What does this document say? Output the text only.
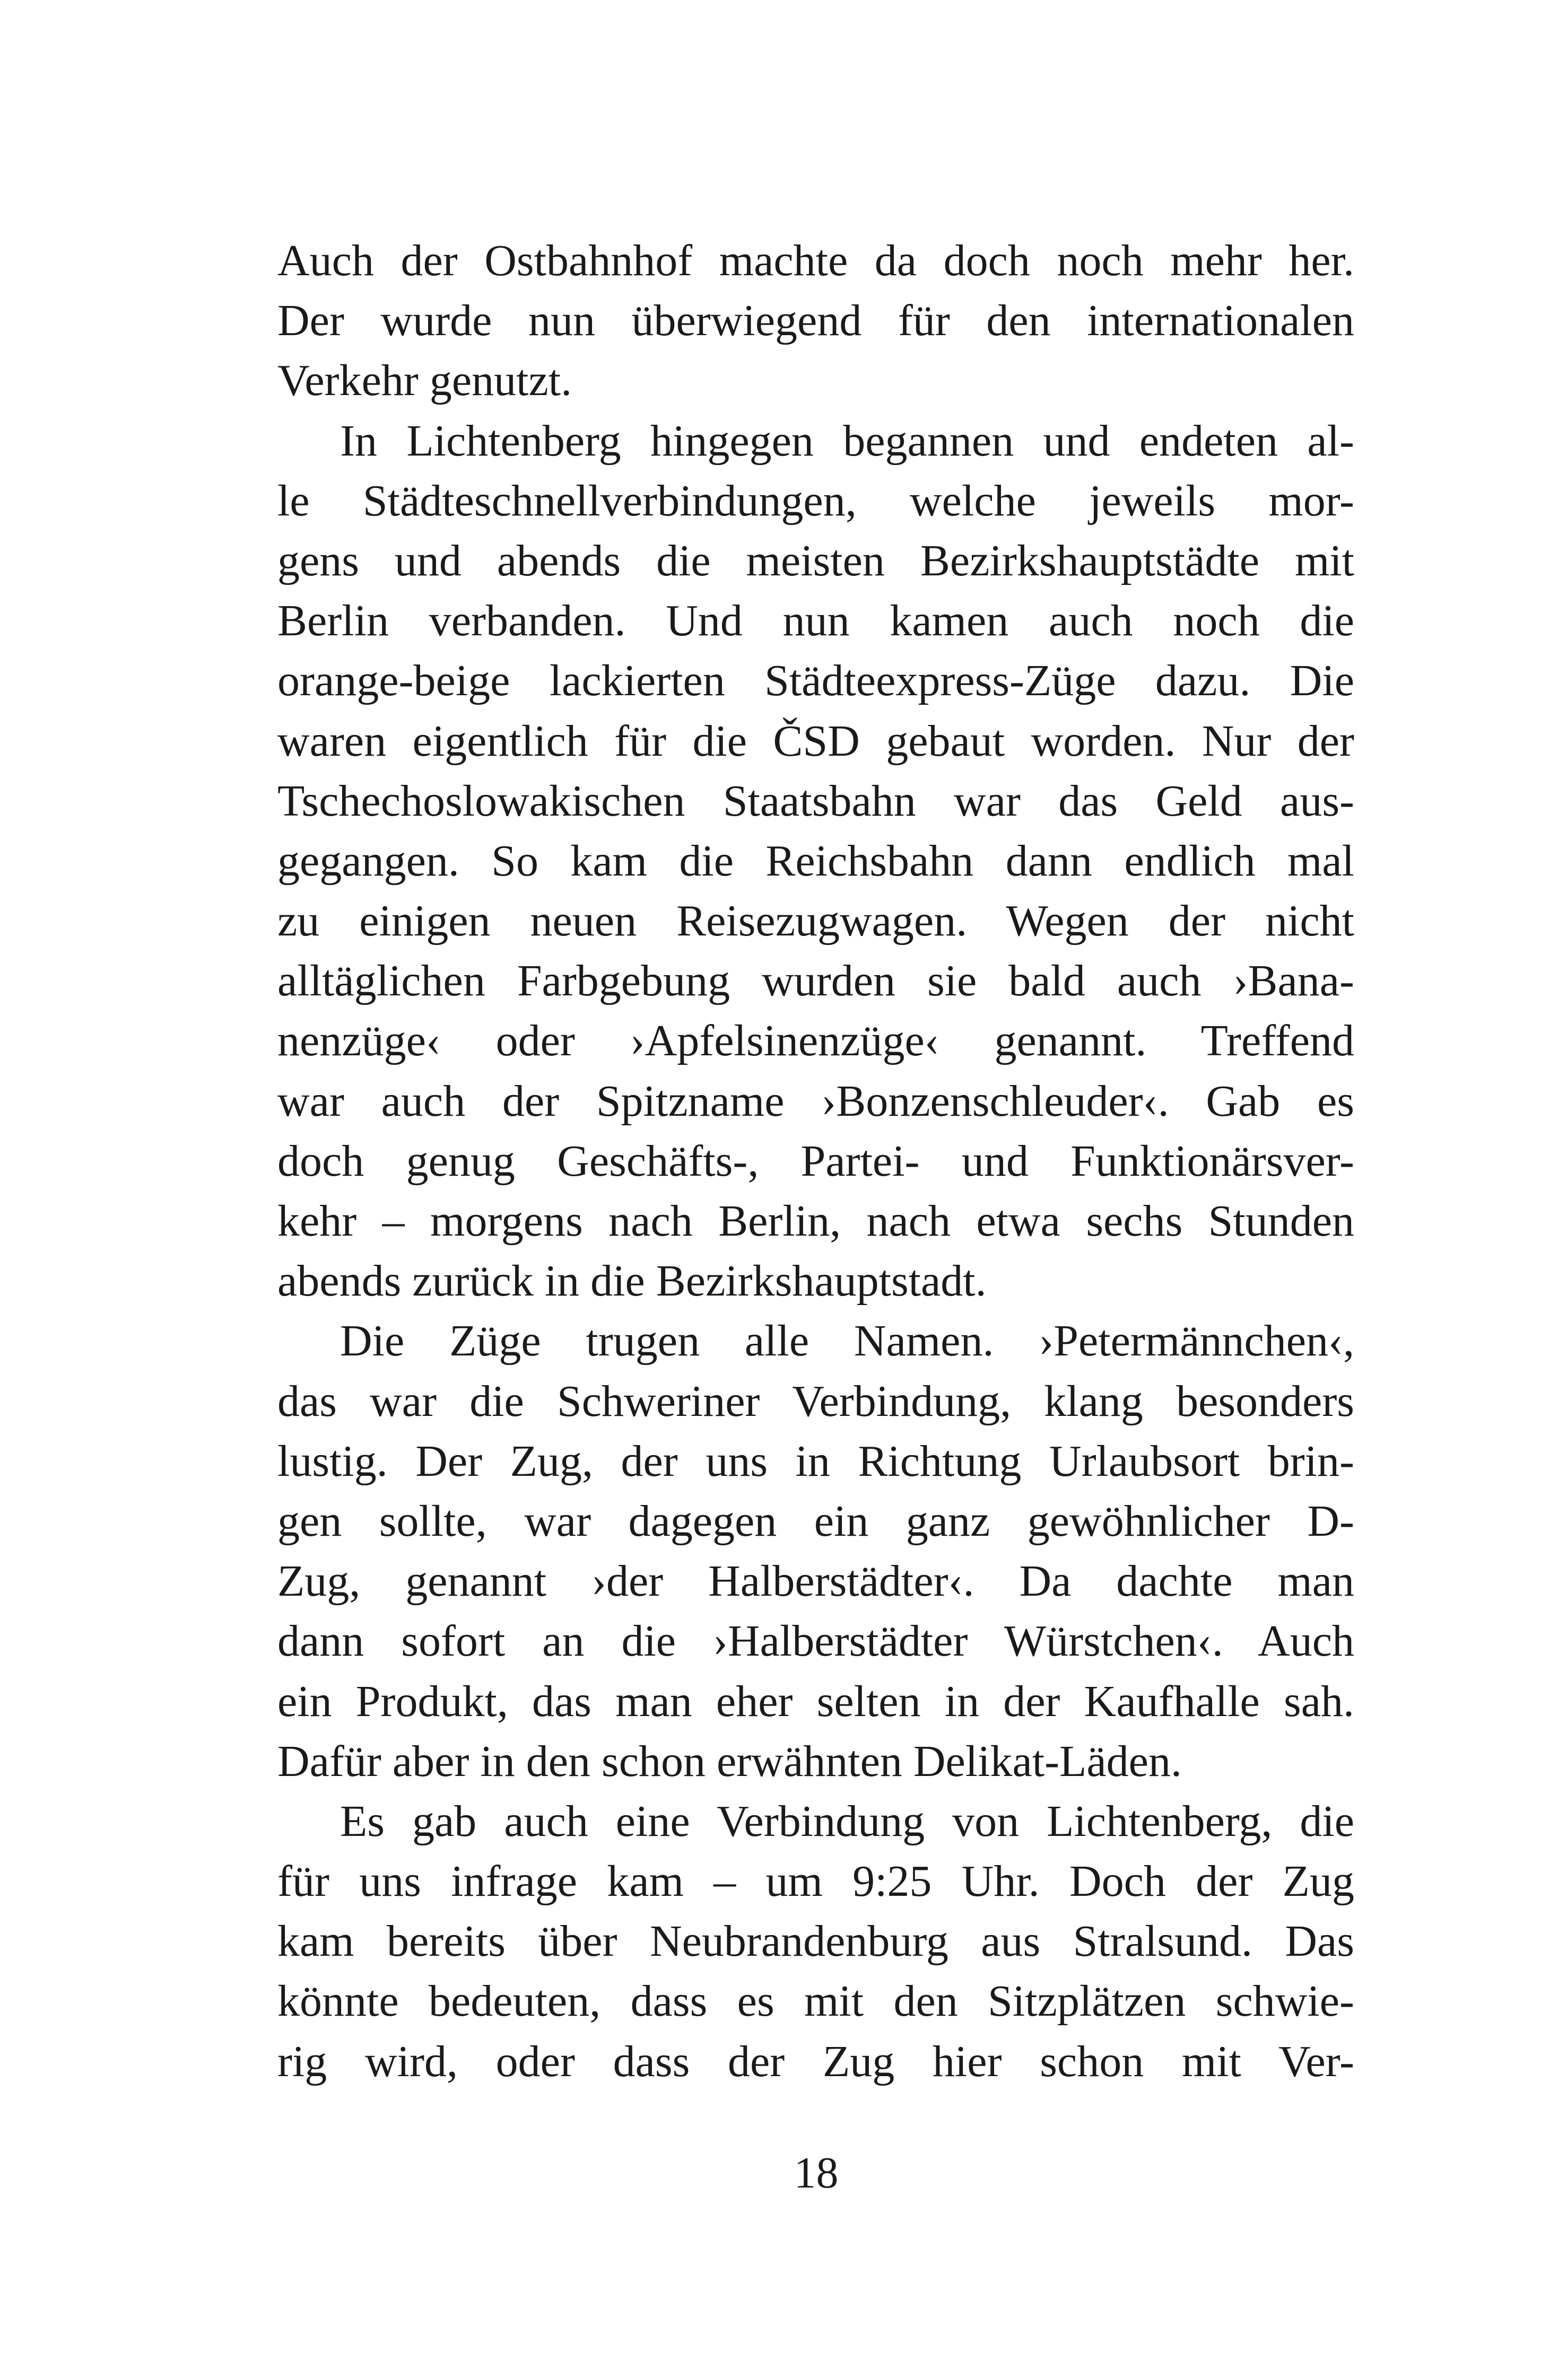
Auch der Ostbahnhof machte da doch noch mehr her.
Der wurde nun überwiegend für den internationalen
Verkehr genutzt.
In Lichtenberg hingegen begannen und endeten al-
le Städteschnellverbindungen, welche jeweils mor-
gens und abends die meisten Bezirkshauptstädte mit
Berlin verbanden. Und nun kamen auch noch die
orange-beige lackierten Städteexpress-Züge dazu. Die
waren eigentlich für die ČSD gebaut worden. Nur der
Tschechoslowakischen Staatsbahn war das Geld aus-
gegangen. So kam die Reichsbahn dann endlich mal
zu einigen neuen Reisezugwagen. Wegen der nicht
alltäglichen Farbgebung wurden sie bald auch ›Bana-
nenzüge‹ oder ›Apfelsinenzüge‹ genannt. Treffend
war auch der Spitzname ›Bonzenschleuder‹. Gab es
doch genug Geschäfts-, Partei- und Funktionärsver-
kehr – morgens nach Berlin, nach etwa sechs Stunden
abends zurück in die Bezirkshauptstadt.
Die Züge trugen alle Namen. ›Petermännchen‹,
das war die Schweriner Verbindung, klang besonders
lustig. Der Zug, der uns in Richtung Urlaubsort brin-
gen sollte, war dagegen ein ganz gewöhnlicher D-
Zug, genannt ›der Halberstädter‹. Da dachte man
dann sofort an die ›Halberstädter Würstchen‹. Auch
ein Produkt, das man eher selten in der Kaufhalle sah.
Dafür aber in den schon erwähnten Delikat-Läden.
Es gab auch eine Verbindung von Lichtenberg, die
für uns infrage kam – um 9:25 Uhr. Doch der Zug
kam bereits über Neubrandenburg aus Stralsund. Das
könnte bedeuten, dass es mit den Sitzplätzen schwie-
rig wird, oder dass der Zug hier schon mit Ver-
18
